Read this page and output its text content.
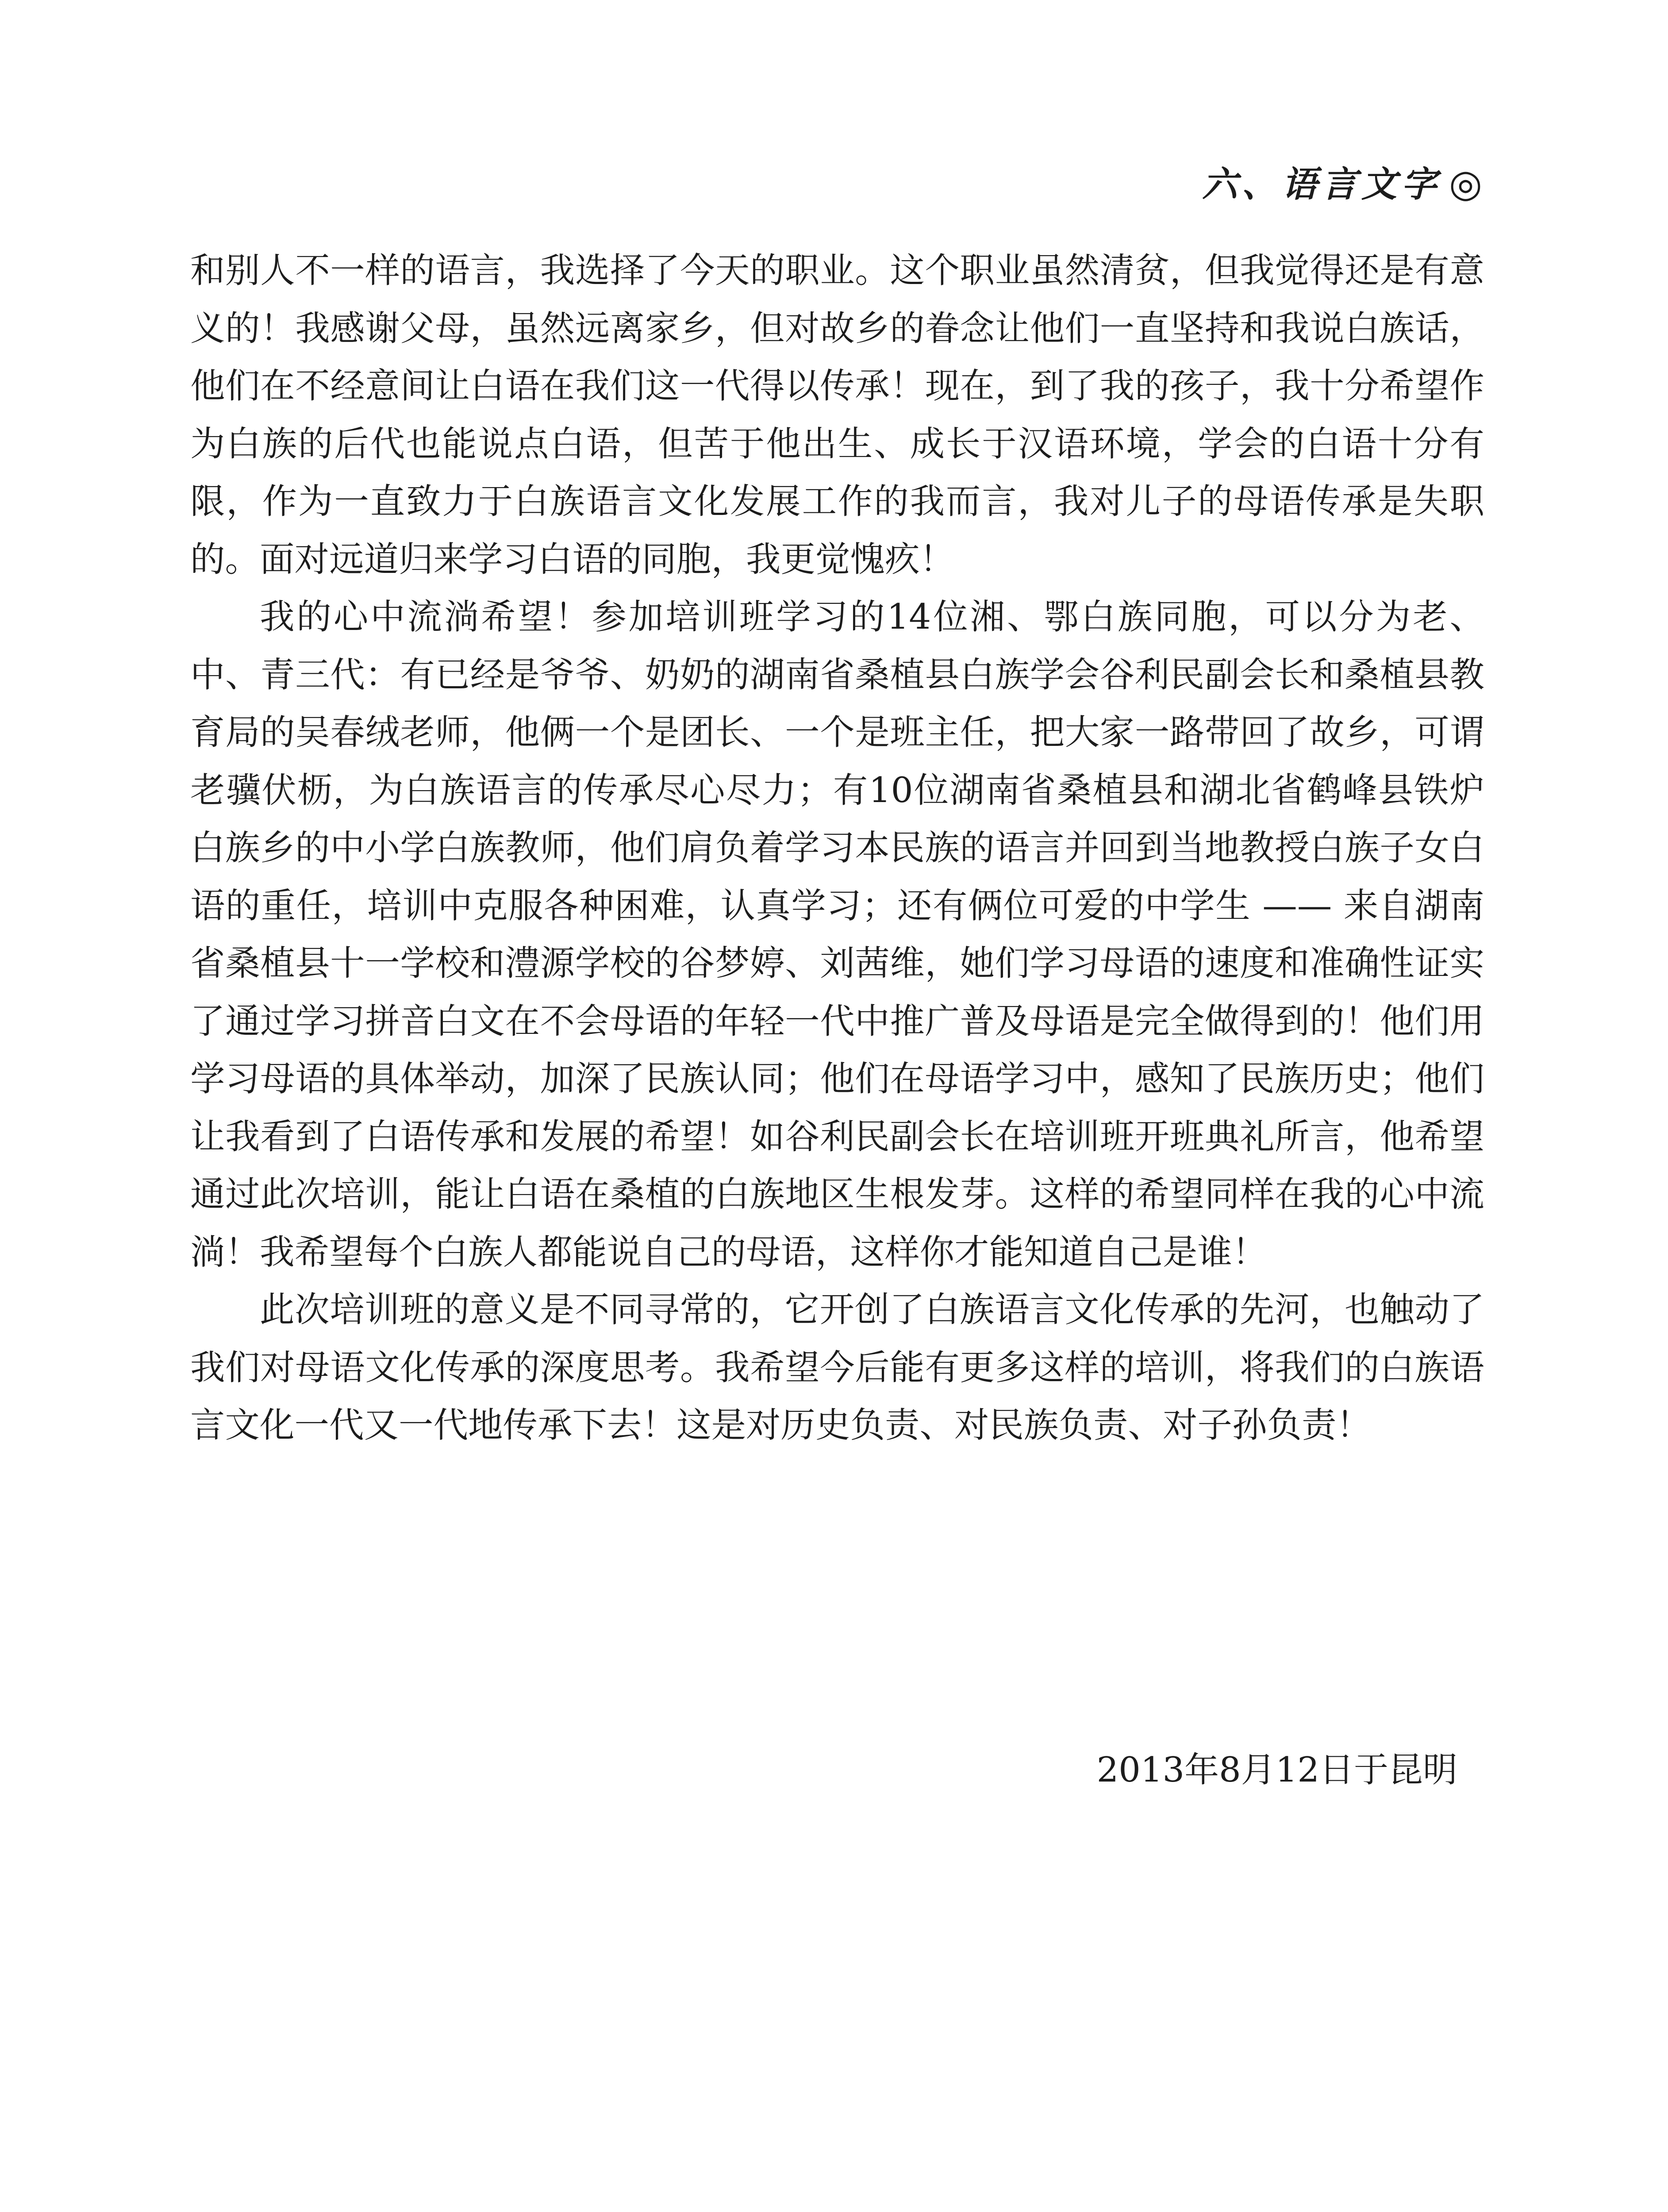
六、语言文字 ◎

和别人不一样的语言，我选择了今天的职业。这个职业虽然清贫，但我觉得还是有意义的！我感谢父母，虽然远离家乡，但对故乡的眷念让他们一直坚持和我说白族话，他们在不经意间让白语在我们这一代得以传承！现在，到了我的孩子，我十分希望作为白族的后代也能说点白语，但苦于他出生、成长于汉语环境，学会的白语十分有限，作为一直致力于白族语言文化发展工作的我而言，我对儿子的母语传承是失职的。面对远道归来学习白语的同胞，我更觉愧疚！

我的心中流淌希望！参加培训班学习的14位湘、鄂白族同胞，可以分为老、中、青三代：有已经是爷爷、奶奶的湖南省桑植县白族学会谷利民副会长和桑植县教育局的吴春绒老师，他俩一个是团长、一个是班主任，把大家一路带回了故乡，可谓老骥伏枥，为白族语言的传承尽心尽力；有10位湖南省桑植县和湖北省鹤峰县铁炉白族乡的中小学白族教师，他们肩负着学习本民族的语言并回到当地教授白族子女白语的重任，培训中克服各种困难，认真学习；还有俩位可爱的中学生 —— 来自湖南省桑植县十一学校和澧源学校的谷梦婷、刘茜维，她们学习母语的速度和准确性证实了通过学习拼音白文在不会母语的年轻一代中推广普及母语是完全做得到的！他们用学习母语的具体举动，加深了民族认同；他们在母语学习中，感知了民族历史；他们让我看到了白语传承和发展的希望！如谷利民副会长在培训班开班典礼所言，他希望通过此次培训，能让白语在桑植的白族地区生根发芽。这样的希望同样在我的心中流淌！我希望每个白族人都能说自己的母语，这样你才能知道自己是谁！

此次培训班的意义是不同寻常的，它开创了白族语言文化传承的先河，也触动了我们对母语文化传承的深度思考。我希望今后能有更多这样的培训，将我们的白族语言文化一代又一代地传承下去！这是对历史负责、对民族负责、对子孙负责！

2013年8月12日于昆明
